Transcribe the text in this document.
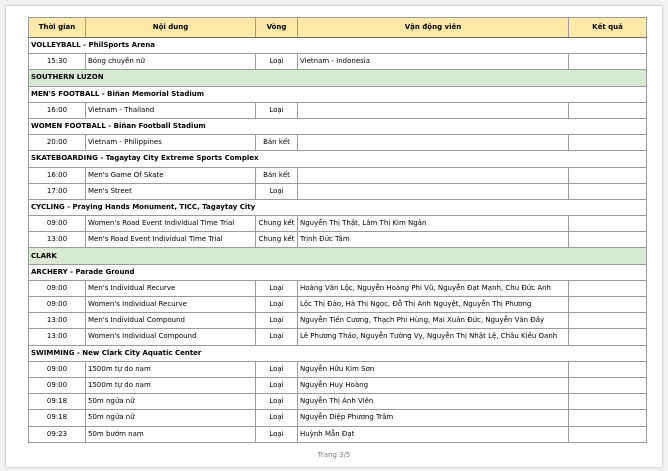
Thời gian	Nội dung	Vòng	Vận động viên	Kết quả
VOLLEYBALL - PhilSports Arena				
15:30	Bóng chuyền nữ	Loại	Vietnam - Indonesia	
SOUTHERN LUZON				
MEN'S FOOTBALL - Biñan Memorial Stadium				
16:00	Vietnam - Thailand	Loại		
WOMEN FOOTBALL - Biñan Football Stadium				
20:00	Vietnam - Philippines	Bán kết		
SKATEBOARDING - Tagaytay City Extreme Sports Complex				
16:00	Men's Game Of Skate	Bán kết		
17:00	Men's Street	Loại		
CYCLING - Praying Hands Monument, TICC, Tagaytay City				
09:00	Women's Road Event Individual Time Trial	Chung kết	Nguyễn Thị Thật, Lâm Thị Kim Ngân	
13:00	Men's Road Event Individual Time Trial	Chung kết	Trịnh Đức Tâm	
CLARK				
ARCHERY - Parade Ground				
09:00	Men's Individual Recurve	Loại	Hoàng Văn Lộc, Nguyễn Hoàng Phi Vũ, Nguyễn Đạt Mạnh, Chu Đức Anh	
09:00	Women's Individual Recurve	Loại	Lộc Thị Đào, Hà Thị Ngọc, Đỗ Thị Ánh Nguyệt, Nguyễn Thị Phương	
13:00	Men's Individual Compound	Loại	Nguyễn Tiến Cương, Thạch Phi Hùng, Mai Xuân Đức, Nguyễn Văn Đầy	
13:00	Women's Individual Compound	Loại	Lê Phương Thảo, Nguyễn Tường Vy, Nguyễn Thị Nhật Lệ, Châu Kiều Oanh	
SWIMMING - New Clark City Aquatic Center				
09:00	1500m tự do nam	Loại	Nguyễn Hữu Kim Sơn	
09:00	1500m tự do nam	Loại	Nguyễn Huy Hoàng	
09:18	50m ngửa nữ	Loại	Nguyễn Thị Ánh Viên	
09:18	50m ngửa nữ	Loại	Nguyễn Diệp Phương Trâm	
09:23	50m bướm nam	Loại	Huỳnh Mẫn Đạt	
Trang 3/5
